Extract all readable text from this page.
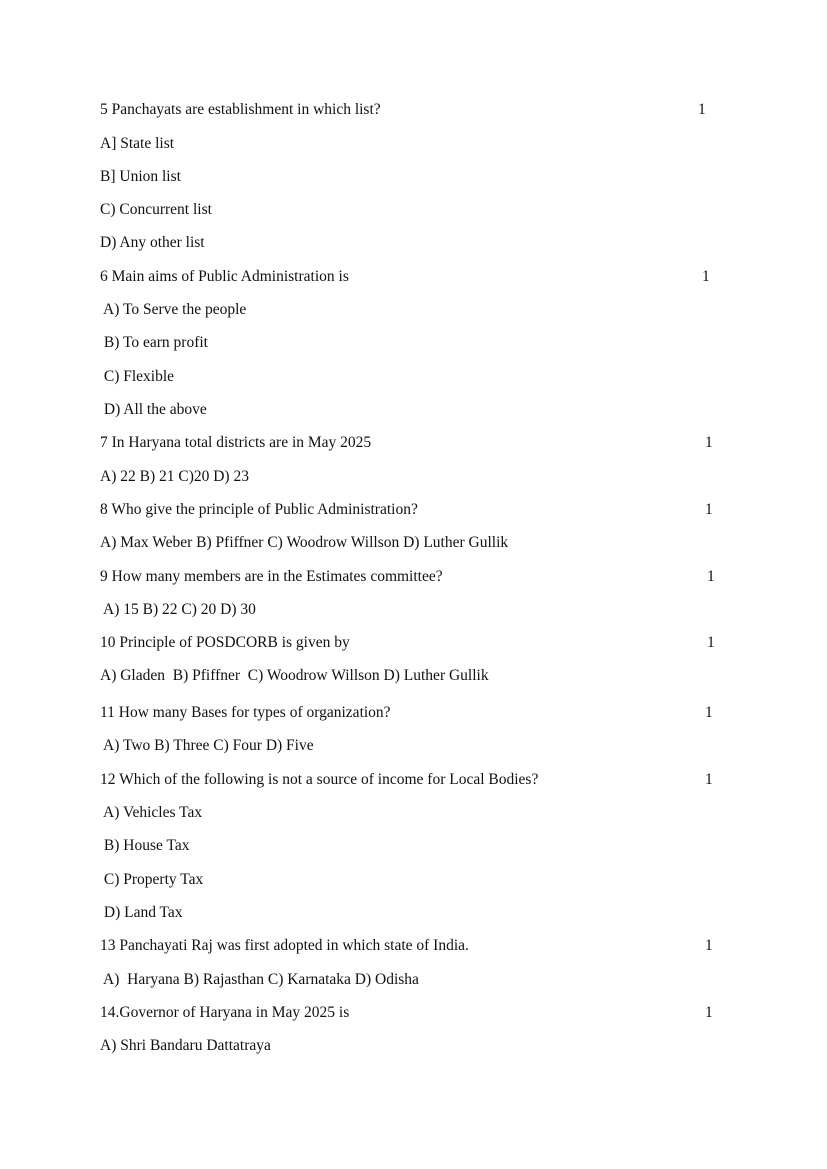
5 Panchayats are establishment in which list?	1
A] State list
B] Union list
C) Concurrent list
D) Any other list
6 Main aims of Public Administration is	1
A) To Serve the people
B) To earn profit
C) Flexible
D) All the above
7 In Haryana total districts are in May 2025	1
A) 22 B) 21 C)20 D) 23
8 Who give the principle of Public Administration?	1
A) Max Weber B) Pfiffner C) Woodrow Willson D) Luther Gullik
9 How many members are in the Estimates committee?	1
A) 15 B) 22 C) 20 D) 30
10 Principle of POSDCORB is given by	1
A) Gladen  B) Pfiffner  C) Woodrow Willson D) Luther Gullik
11 How many Bases for types of organization?	1
A) Two B) Three C) Four D) Five
12 Which of the following is not a source of income for Local Bodies?	1
A) Vehicles Tax
B) House Tax
C) Property Tax
D) Land Tax
13 Panchayati Raj was first adopted in which state of India.	1
A)  Haryana B) Rajasthan C) Karnataka D) Odisha
14.Governor of Haryana in May 2025 is	1
A) Shri Bandaru Dattatraya
